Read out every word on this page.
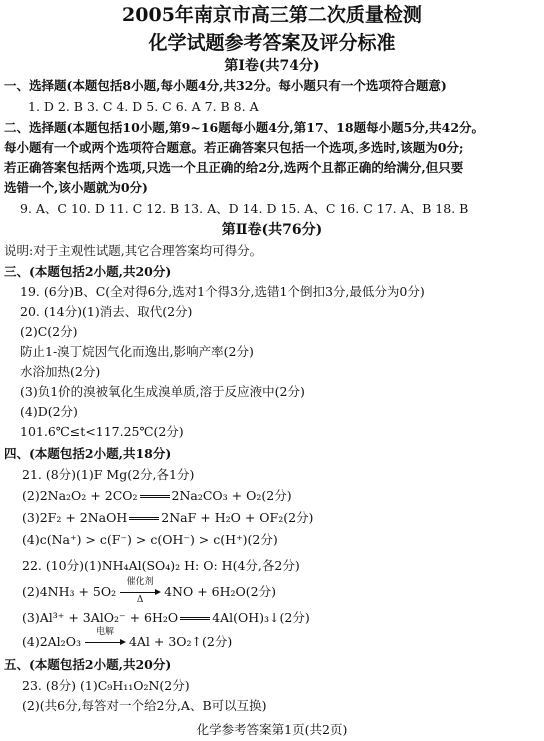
2005年南京市高三第二次质量检测
化学试题参考答案及评分标准
第Ⅰ卷(共74分)
一、选择题(本题包括8小题,每小题4分,共32分。每小题只有一个选项符合题意)
1. D 2. B 3. C 4. D 5. C 6. A 7. B 8. A
二、选择题(本题包括10小题,第9~16题每小题4分,第17、18题每小题5分,共42分。
每小题有一个或两个选项符合题意。若正确答案只包括一个选项,多选时,该题为0分;
若正确答案包括两个选项,只选一个且正确的给2分,选两个且都正确的给满分,但只要
选错一个,该小题就为0分)
9. A、C 10. D 11. C 12. B 13. A、D 14. D 15. A、C 16. C 17. A、B 18. B
第Ⅱ卷(共76分)
说明:对于主观性试题,其它合理答案均可得分。
三、(本题包括2小题,共20分)
19. (6分)B、C(全对得6分,选对1个得3分,选错1个倒扣3分,最低分为0分)
20. (14分)(1)消去、取代(2分)
(2)C(2分)
防止1-溴丁烷因气化而逸出,影响产率(2分)
水浴加热(2分)
(3)负1价的溴被氧化生成溴单质,溶于反应液中(2分)
(4)D(2分)
101.6℃≤t<117.25℃(2分)
四、(本题包括2小题,共18分)
21. (8分)(1)F Mg(2分,各1分)
(2)2Na₂O₂ + 2CO₂	2Na₂CO₃ + O₂(2分)
(3)2F₂ + 2NaOH	2NaF + H₂O + OF₂(2分)
(4)c(Na⁺) > c(F⁻) > c(OH⁻) > c(H⁺)(2分)
22. (10分)(1)NH₄Al(SO₄)₂ H: O: H(4分,各2分)
(2)4NH₃ + 5O₂
催化剂
Δ
4NO + 6H₂O(2分)
(3)Al³⁺ + 3AlO₂⁻ + 6H₂O	4Al(OH)₃↓(2分)
(4)2Al₂O₃
电解
4Al + 3O₂↑(2分)
五、(本题包括2小题,共20分)
23. (8分) (1)C₉H₁₁O₂N(2分)
(2)(共6分,每答对一个给2分,A、B可以互换)
化学参考答案第1页(共2页)
